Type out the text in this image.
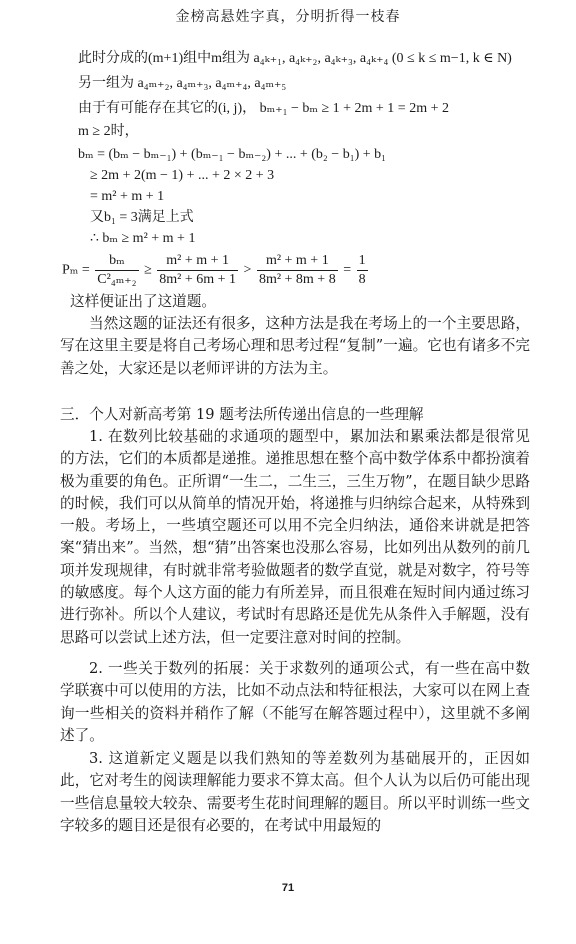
金榜高悬姓字真，分明折得一枝春
此时分成的(m+1)组中m组为 a₄ₖ₊₁, a₄ₖ₊₂, a₄ₖ₊₃, a₄ₖ₊₄ (0 ≤ k ≤ m−1, k ∈ N)
另一组为 a₄ₘ₊₂, a₄ₘ₊₃, a₄ₘ₊₄, a₄ₘ₊₅
由于有可能存在其它的(i, j)， bₘ₊₁ − bₘ ≥ 1 + 2m + 1 = 2m + 2
m ≥ 2时，
bₘ = (bₘ − bₘ₋₁) + (bₘ₋₁ − bₘ₋₂) + ... + (b₂ − b₁) + b₁
≥ 2m + 2(m − 1) + ... + 2 × 2 + 3
= m² + m + 1
又b₁ = 3满足上式
∴ bₘ ≥ m² + m + 1
$P_m = \frac{\text{bₘ}}{\text{C²₄ₘ₊₂}} \ge \frac{\text{m² + m + 1}}{\text{8m² + 6m + 1}} > \frac{\text{m² + m + 1}}{\text{8m² + 8m + 8}} = \frac{1}{8}$
这样便证出了这道题。
当然这题的证法还有很多，这种方法是我在考场上的一个主要思路，写在这里主要是将自己考场心理和思考过程“复制”一遍。它也有诸多不完善之处，大家还是以老师评讲的方法为主。
三．个人对新高考第 19 题考法所传递出信息的一些理解
1. 在数列比较基础的求通项的题型中，累加法和累乘法都是很常见的方法，它们的本质都是递推。递推思想在整个高中数学体系中都扮演着极为重要的角色。正所谓“一生二，二生三，三生万物”，在题目缺少思路的时候，我们可以从简单的情况开始，将递推与归纳综合起来，从特殊到一般。考场上，一些填空题还可以用不完全归纳法，通俗来讲就是把答案“猜出来”。当然，想“猜”出答案也没那么容易，比如列出从数列的前几项并发现规律，有时就非常考验做题者的数学直觉，就是对数字，符号等的敏感度。每个人这方面的能力有所差异，而且很难在短时间内通过练习进行弥补。所以个人建议，考试时有思路还是优先从条件入手解题，没有思路可以尝试上述方法，但一定要注意对时间的控制。
2. 一些关于数列的拓展：关于求数列的通项公式，有一些在高中数学联赛中可以使用的方法，比如不动点法和特征根法，大家可以在网上查询一些相关的资料并稍作了解（不能写在解答题过程中），这里就不多阐述了。
3. 这道新定义题是以我们熟知的等差数列为基础展开的，正因如此，它对考生的阅读理解能力要求不算太高。但个人认为以后仍可能出现一些信息量较大较杂、需要考生花时间理解的题目。所以平时训练一些文字较多的题目还是很有必要的，在考试中用最短的
71
